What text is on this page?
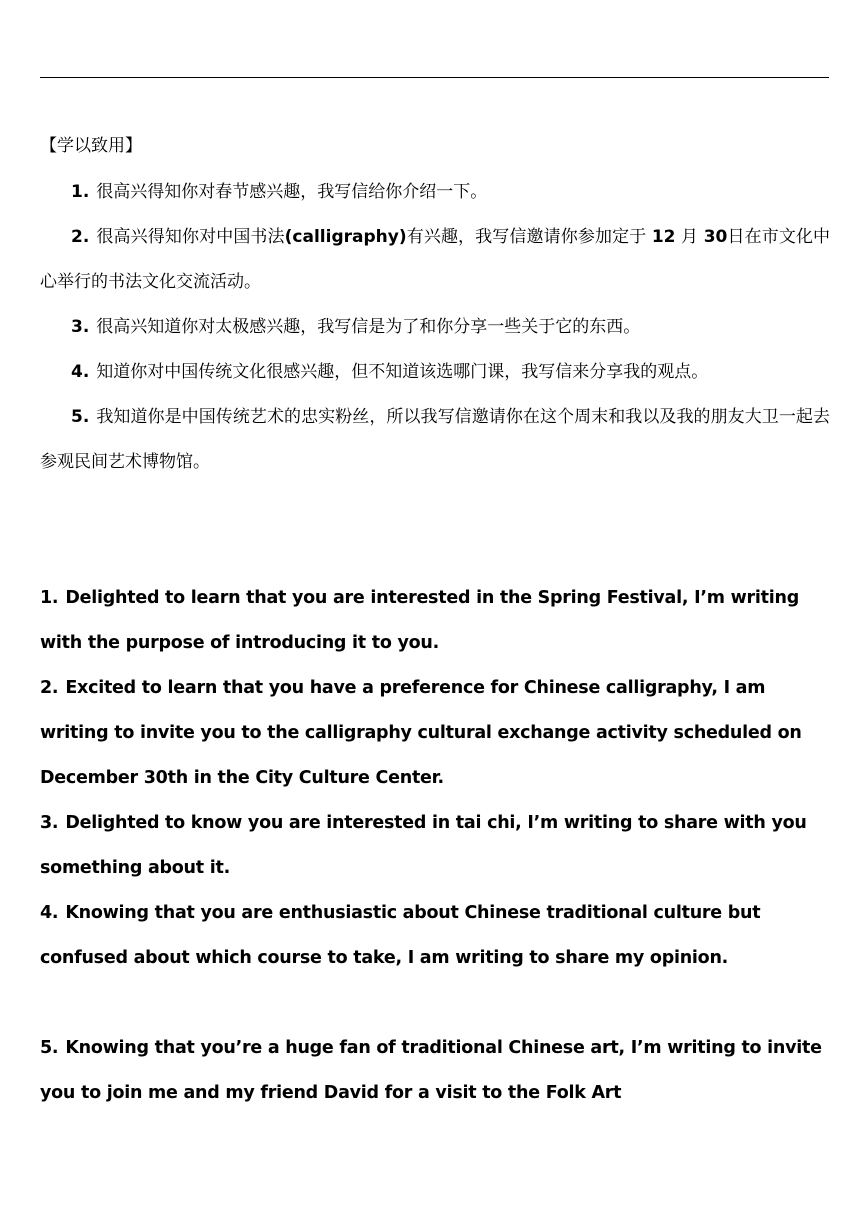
【学以致用】
1. 很高兴得知你对春节感兴趣，我写信给你介绍一下。
2. 很高兴得知你对中国书法(calligraphy)有兴趣，我写信邀请你参加定于 12 月 30日在市文化中心举行的书法文化交流活动。
3. 很高兴知道你对太极感兴趣，我写信是为了和你分享一些关于它的东西。
4. 知道你对中国传统文化很感兴趣，但不知道该选哪门课，我写信来分享我的观点。
5. 我知道你是中国传统艺术的忠实粉丝，所以我写信邀请你在这个周末和我以及我的朋友大卫一起去参观民间艺术博物馆。
1. Delighted to learn that you are interested in the Spring Festival, I’m writing with the purpose of introducing it to you.
2. Excited to learn that you have a preference for Chinese calligraphy, I am writing to invite you to the calligraphy cultural exchange activity scheduled on December 30th in the City Culture Center.
3. Delighted to know you are interested in tai chi, I’m writing to share with you something about it.
4. Knowing that you are enthusiastic about Chinese traditional culture but confused about which course to take, I am writing to share my opinion.
5. Knowing that you’re a huge fan of traditional Chinese art, I’m writing to invite you to join me and my friend David for a visit to the Folk Art
